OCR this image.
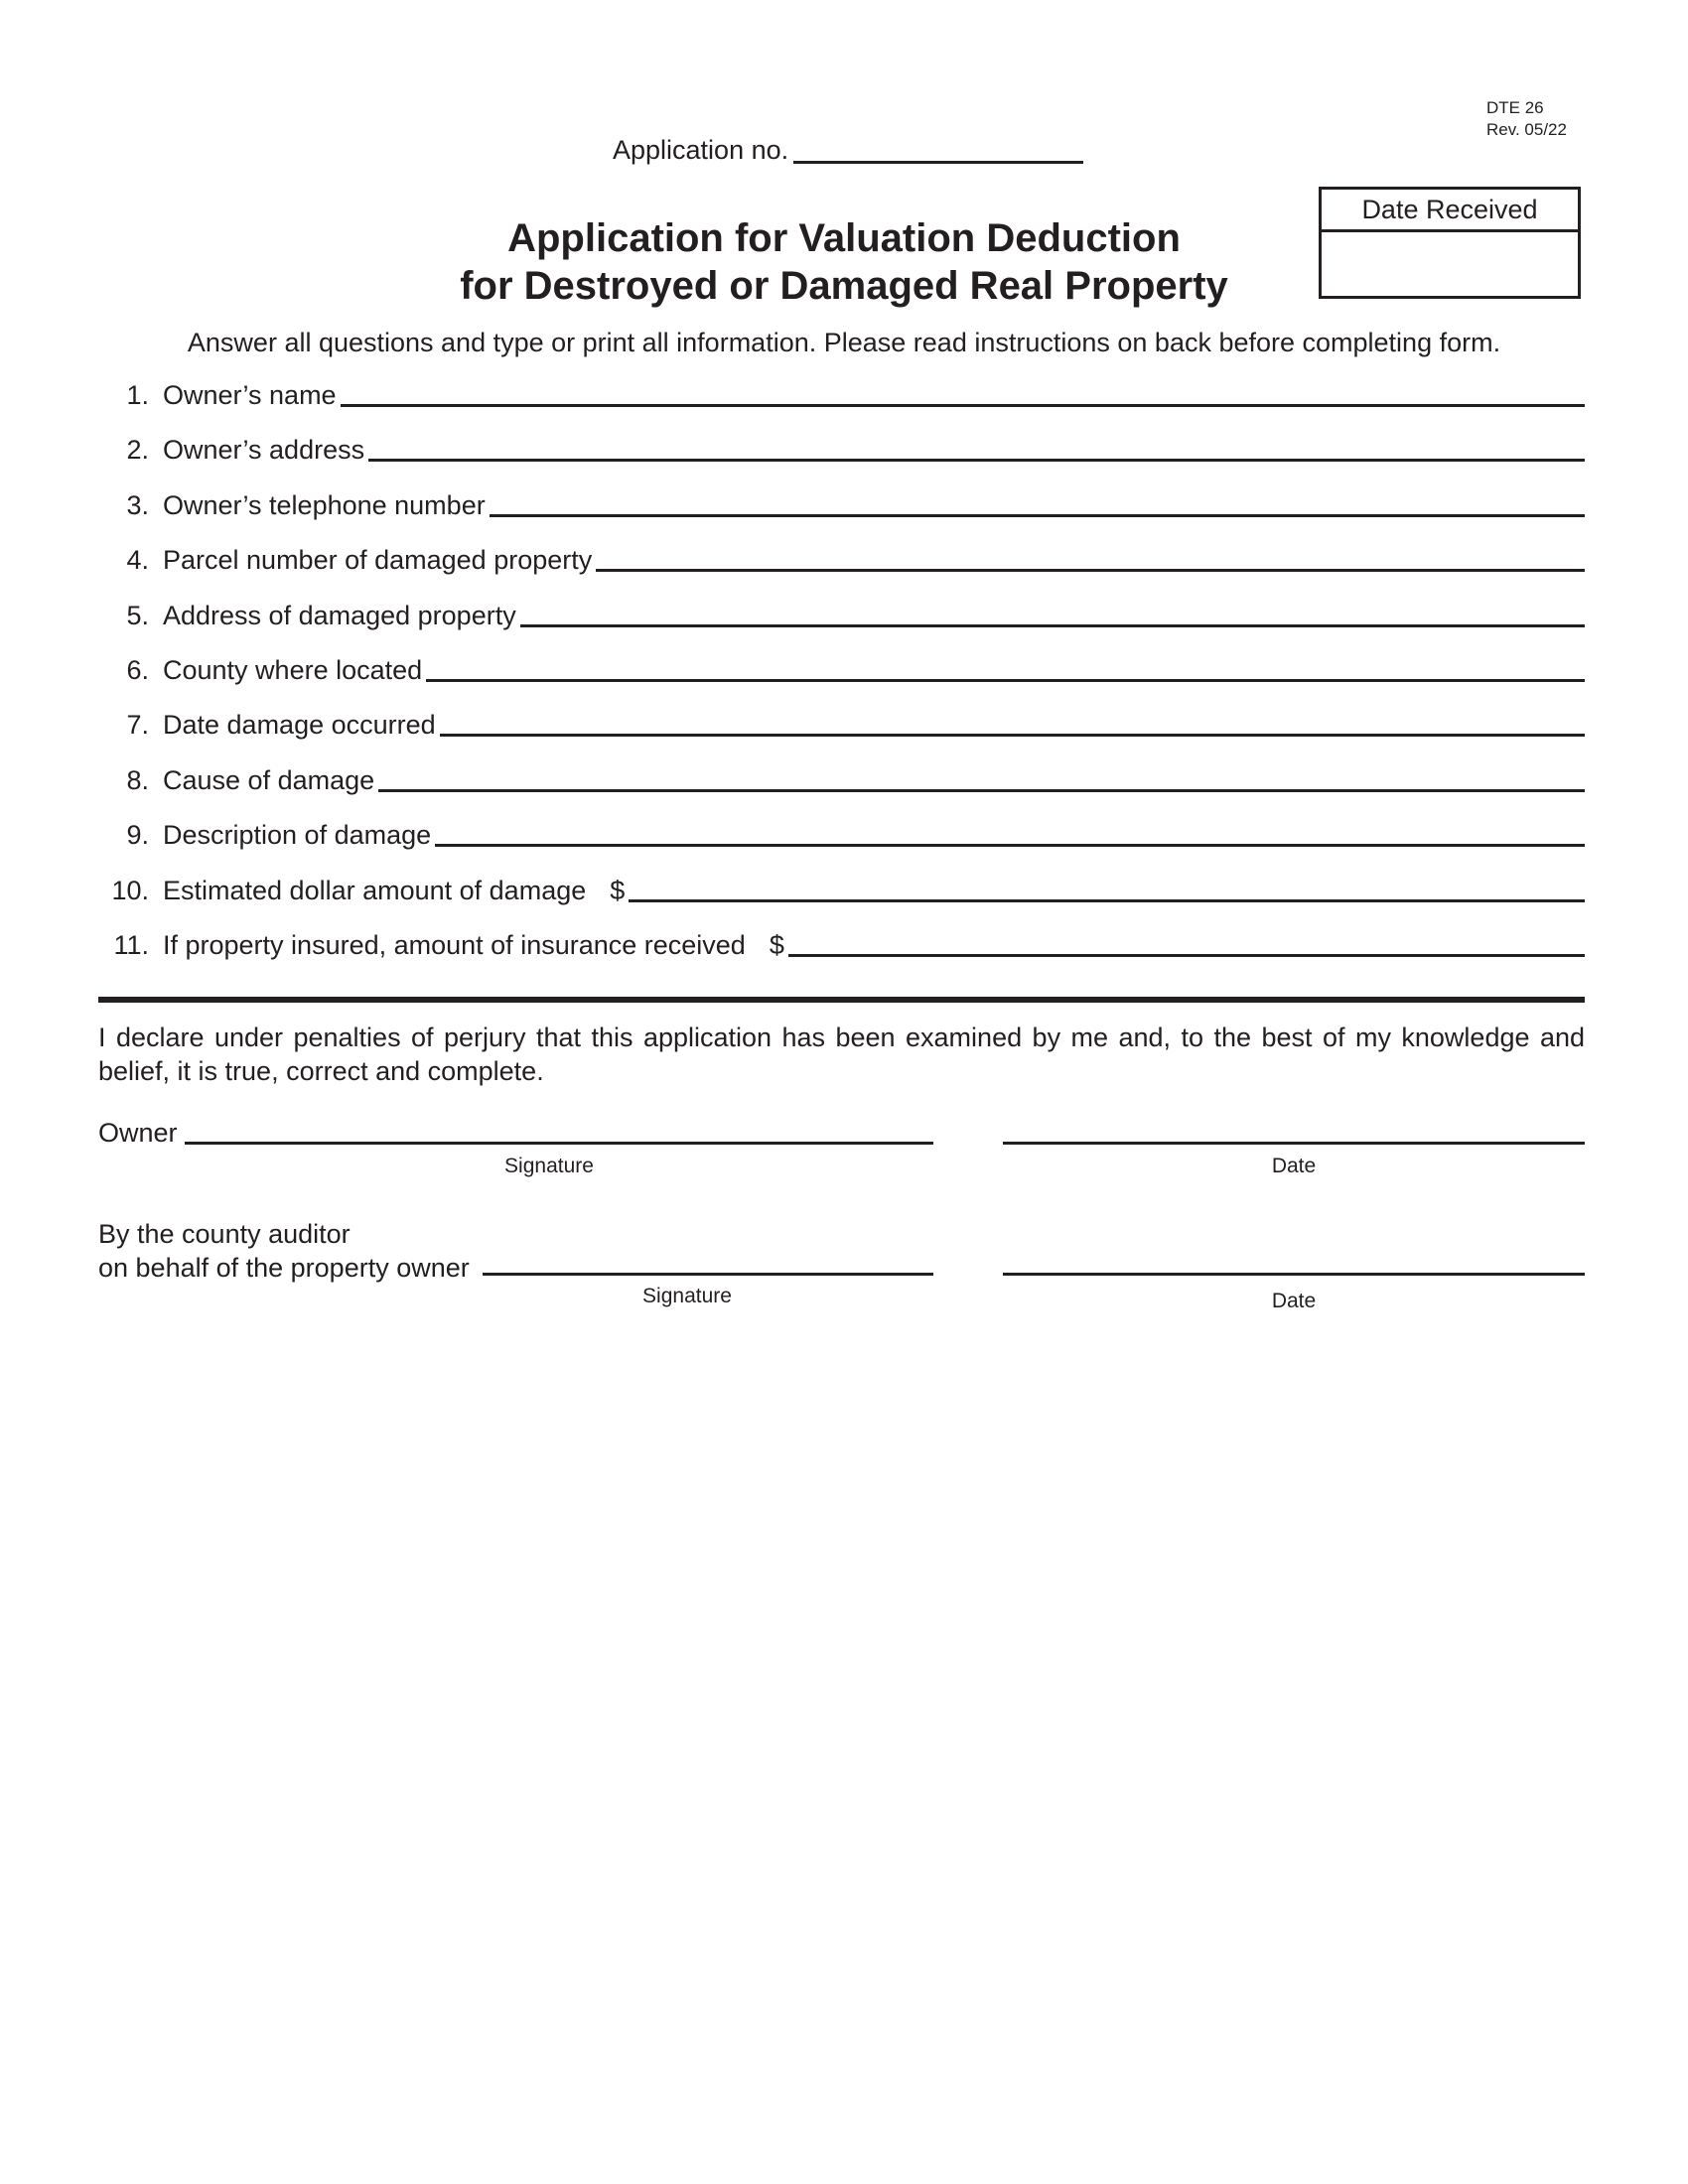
DTE 26
Rev. 05/22
Application no.
Application for Valuation Deduction
for Destroyed or Damaged Real Property
Date Received
Answer all questions and type or print all information. Please read instructions on back before completing form.
1. Owner’s name
2. Owner’s address
3. Owner’s telephone number
4. Parcel number of damaged property
5. Address of damaged property
6. County where located
7. Date damage occurred
8. Cause of damage
9. Description of damage
10. Estimated dollar amount of damage $
11. If property insured, amount of insurance received $
I declare under penalties of perjury that this application has been examined by me and, to the best of my knowledge and belief, it is true, correct and complete.
Owner
Signature	Date
By the county auditor
on behalf of the property owner
Signature	Date
